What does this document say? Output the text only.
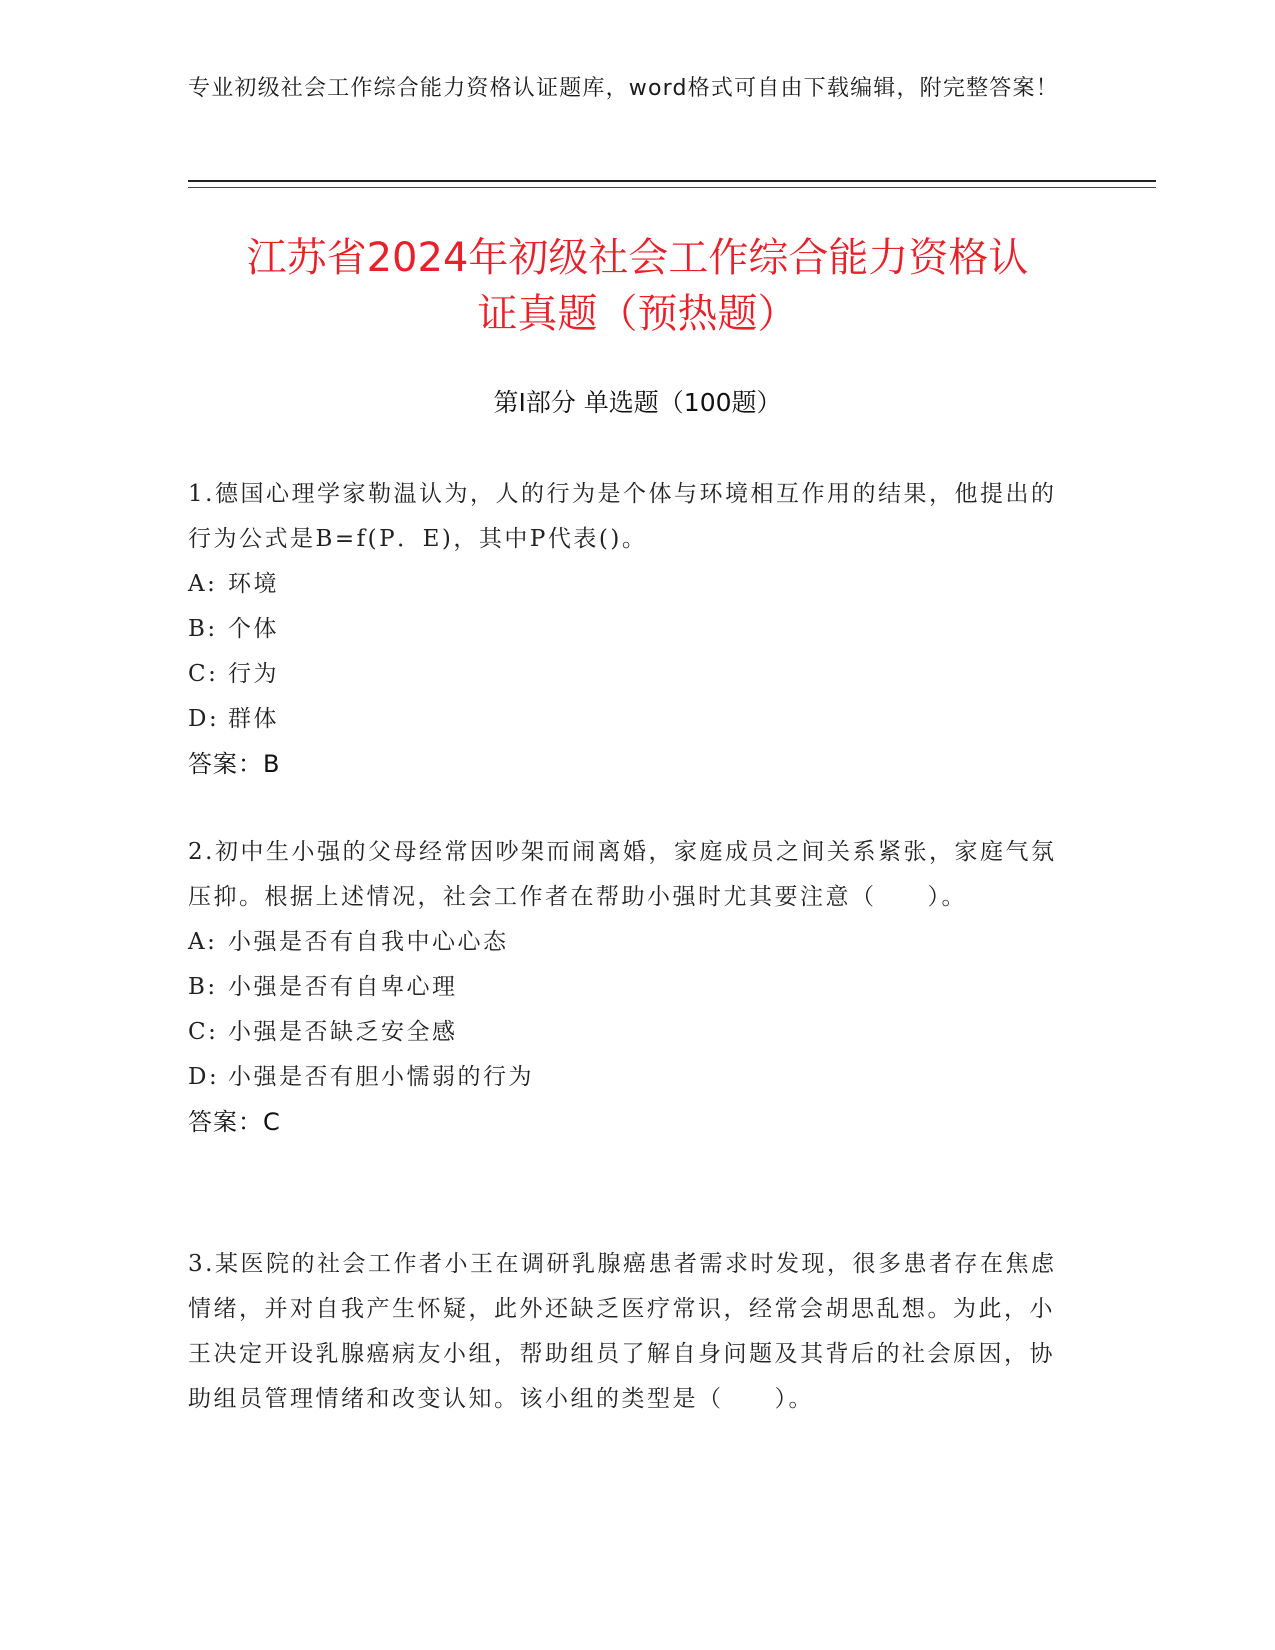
专业初级社会工作综合能力资格认证题库，word格式可自由下载编辑，附完整答案！
江苏省2024年初级社会工作综合能力资格认
证真题（预热题）
第Ⅰ部分 单选题（100题）

1.德国心理学家勒温认为，人的行为是个体与环境相互作用的结果，他提出的行为公式是B=f(P．E)，其中P代表()。

A: 环境

B: 个体

C: 行为

D: 群体

答案：B

2.初中生小强的父母经常因吵架而闹离婚，家庭成员之间关系紧张，家庭气氛压抑。根据上述情况，社会工作者在帮助小强时尤其要注意（　　）。

A: 小强是否有自我中心心态

B: 小强是否有自卑心理

C: 小强是否缺乏安全感

D: 小强是否有胆小懦弱的行为

答案：C

3.某医院的社会工作者小王在调研乳腺癌患者需求时发现，很多患者存在焦虑情绪，并对自我产生怀疑，此外还缺乏医疗常识，经常会胡思乱想。为此，小王决定开设乳腺癌病友小组，帮助组员了解自身问题及其背后的社会原因，协助组员管理情绪和改变认知。该小组的类型是（　　）。
